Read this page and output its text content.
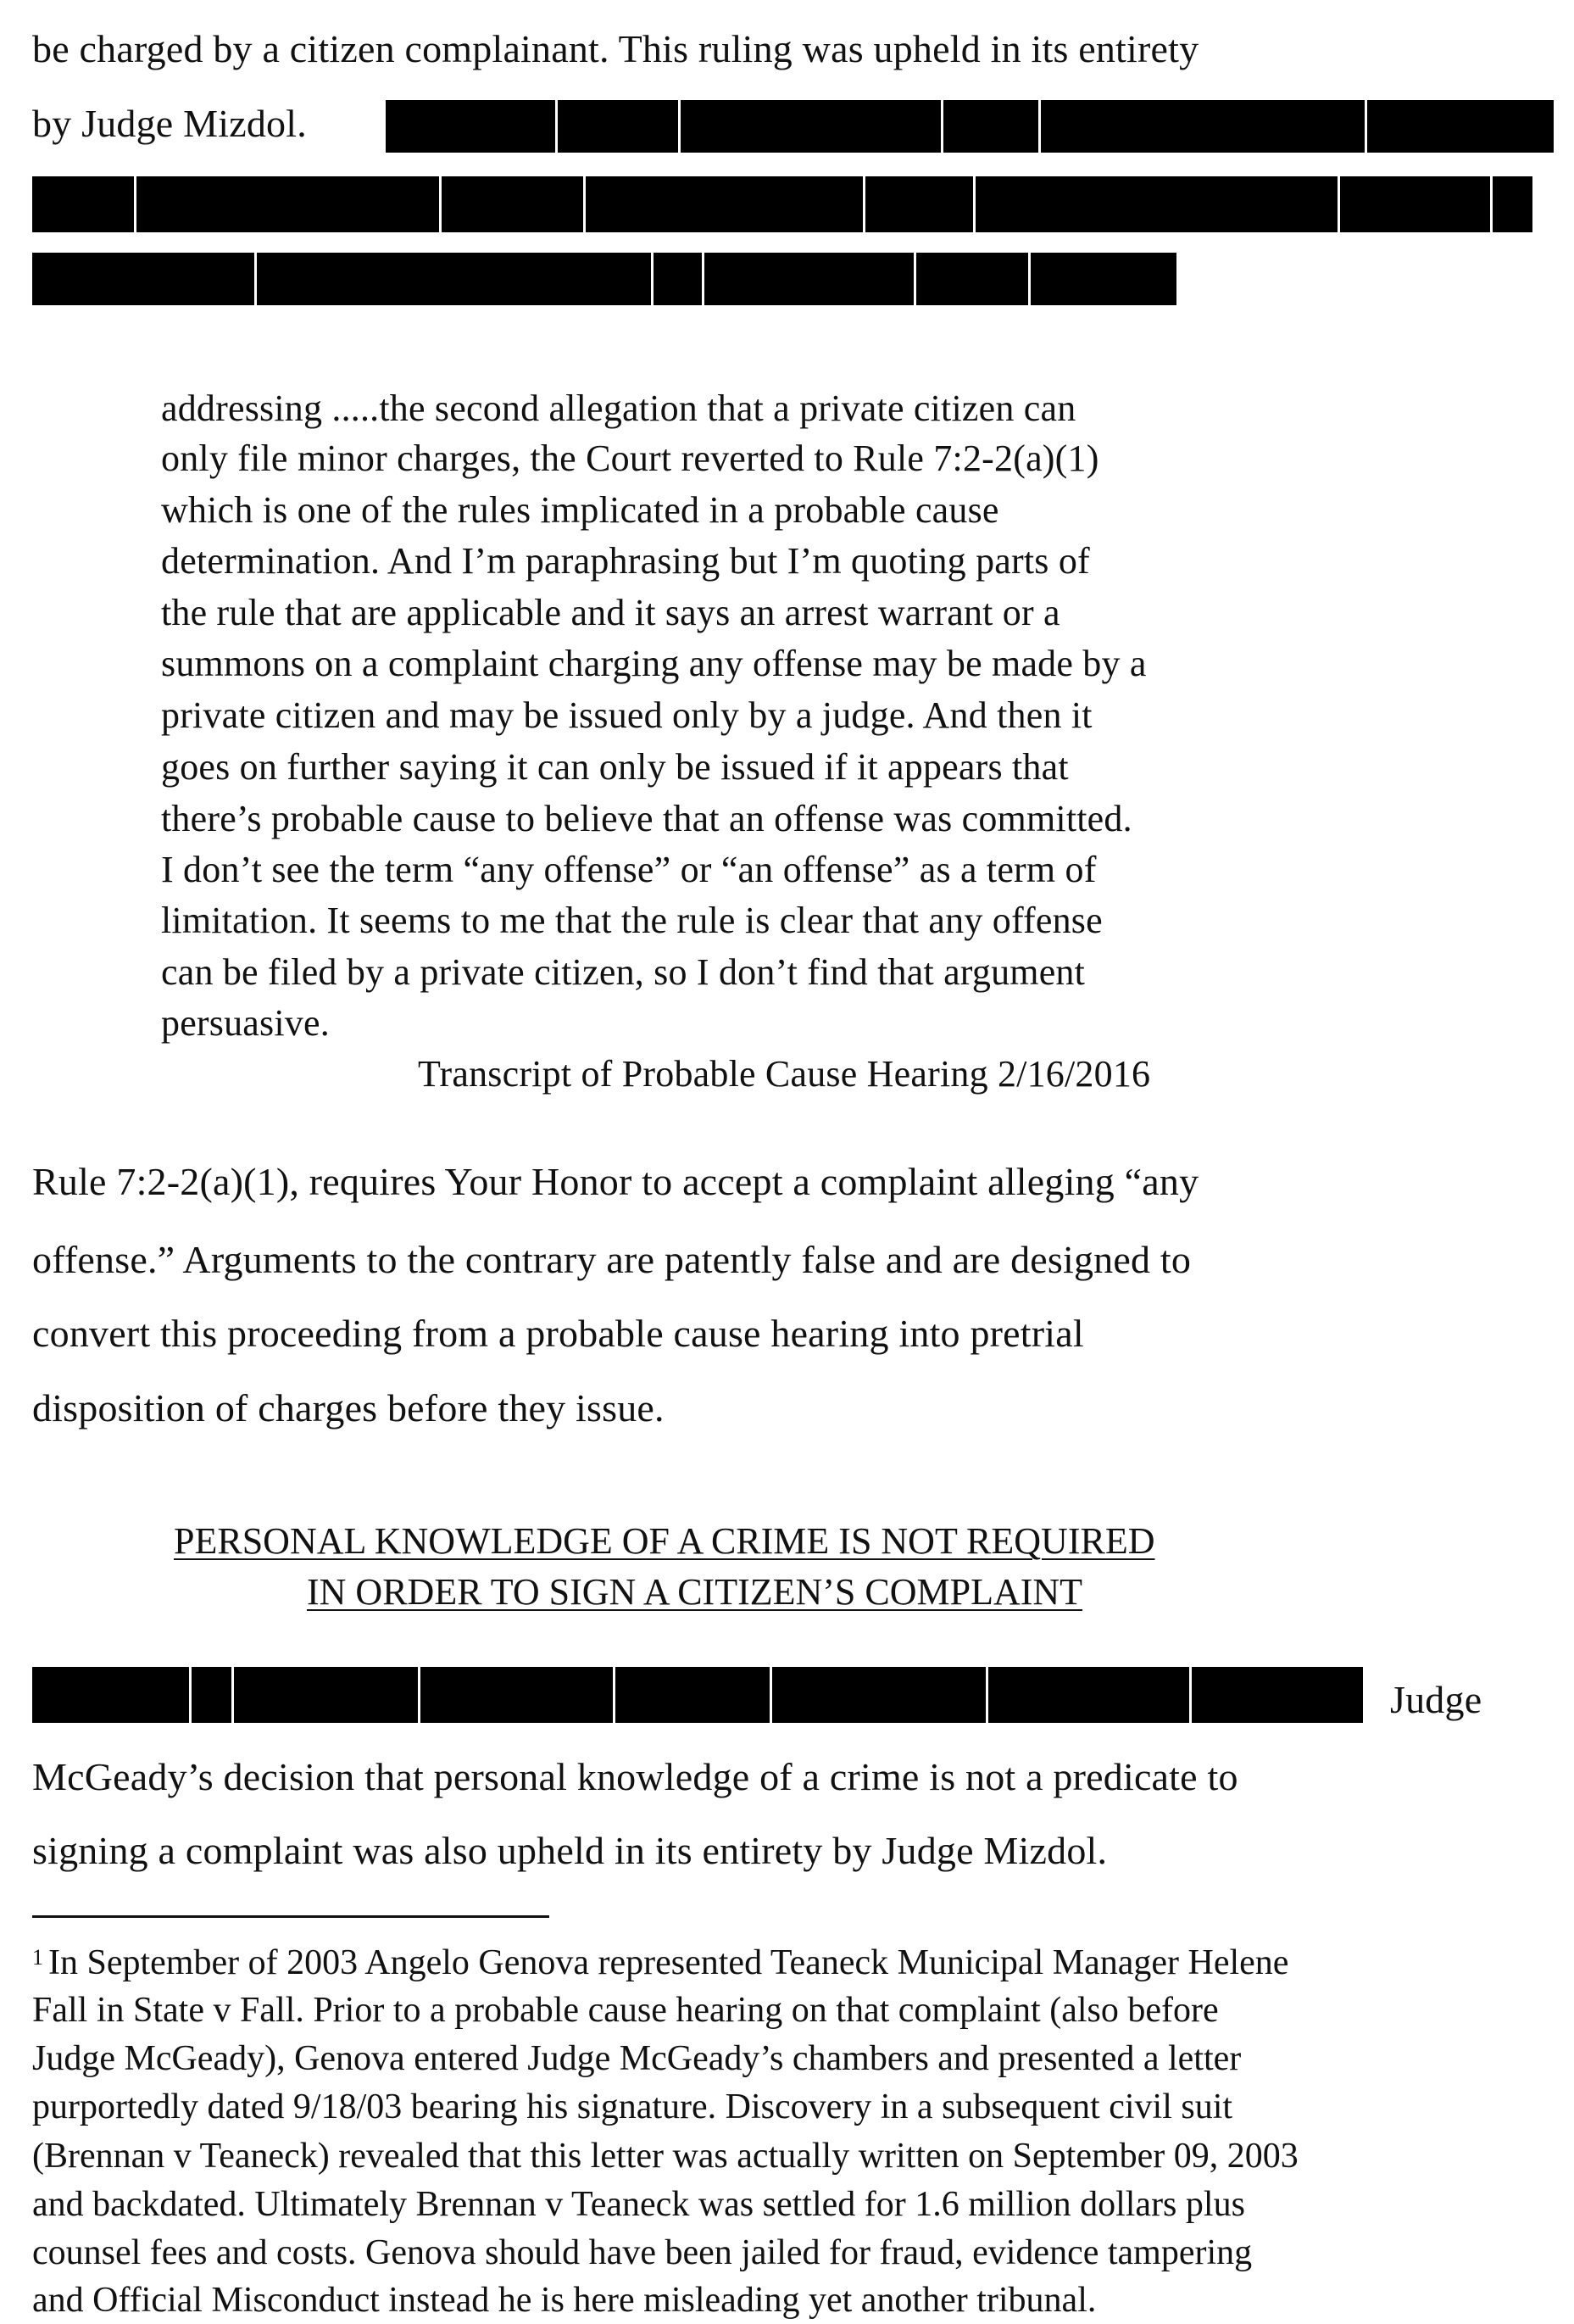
be charged by a citizen complainant. This ruling was upheld in its entirety

by Judge Mizdol.

addressing .....the second allegation that a private citizen can

only file minor charges, the Court reverted to Rule 7:2-2(a)(1)

which is one of the rules implicated in a probable cause

determination. And I’m paraphrasing but I’m quoting parts of

the rule that are applicable and it says an arrest warrant or a

summons on a complaint charging any offense may be made by a

private citizen and may be issued only by a judge. And then it

goes on further saying it can only be issued if it appears that

there’s probable cause to believe that an offense was committed.

I don’t see the term “any offense” or “an offense” as a term of

limitation. It seems to me that the rule is clear that any offense

can be filed by a private citizen, so I don’t find that argument

persuasive.

Transcript of Probable Cause Hearing 2/16/2016

Rule 7:2-2(a)(1), requires Your Honor to accept a complaint alleging “any

offense.” Arguments to the contrary are patently false and are designed to

convert this proceeding from a probable cause hearing into pretrial

disposition of charges before they issue.

PERSONAL KNOWLEDGE OF A CRIME IS NOT REQUIRED

IN ORDER TO SIGN A CITIZEN’S COMPLAINT

Judge

McGeady’s decision that personal knowledge of a crime is not a predicate to

signing a complaint was also upheld in its entirety by Judge Mizdol.

$^1$ In September of 2003 Angelo Genova represented Teaneck Municipal Manager Helene

Fall in State v Fall. Prior to a probable cause hearing on that complaint (also before

Judge McGeady), Genova entered Judge McGeady’s chambers and presented a letter

purportedly dated 9/18/03 bearing his signature. Discovery in a subsequent civil suit

(Brennan v Teaneck) revealed that this letter was actually written on September 09, 2003

and backdated. Ultimately Brennan v Teaneck was settled for 1.6 million dollars plus

counsel fees and costs. Genova should have been jailed for fraud, evidence tampering

and Official Misconduct instead he is here misleading yet another tribunal.
